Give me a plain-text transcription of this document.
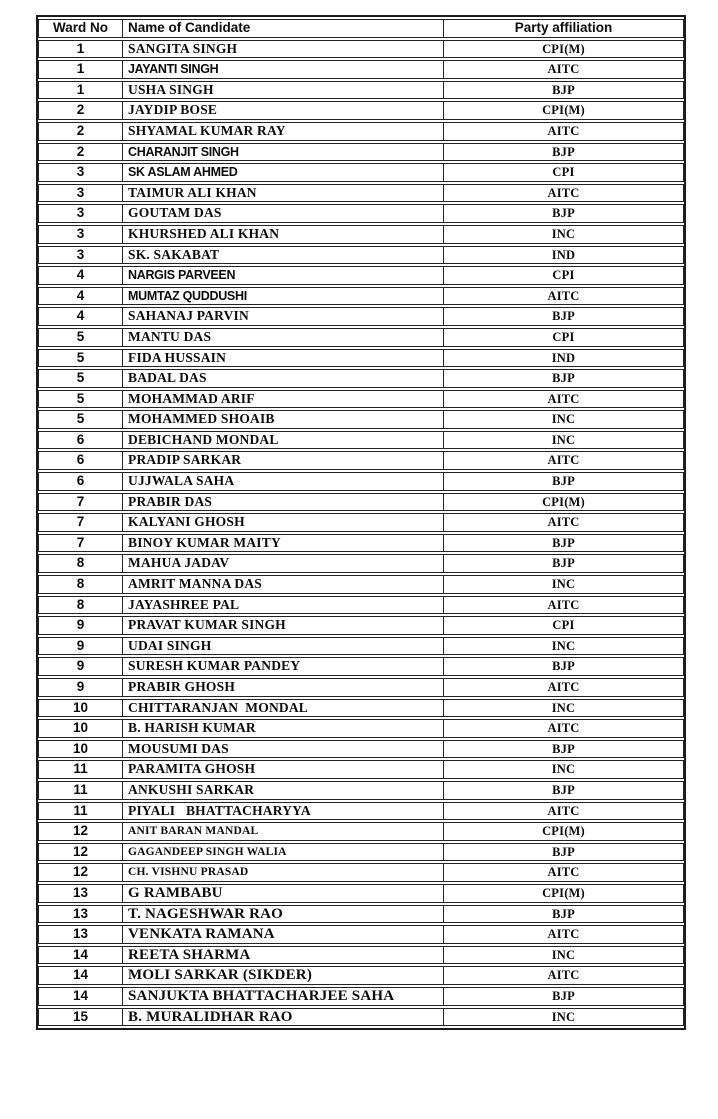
Ward No	Name of Candidate	Party affiliation
1	SANGITA SINGH	CPI(M)
1	JAYANTI SINGH	AITC
1	USHA SINGH	BJP
2	JAYDIP BOSE	CPI(M)
2	SHYAMAL KUMAR RAY	AITC
2	CHARANJIT SINGH	BJP
3	SK ASLAM AHMED	CPI
3	TAIMUR ALI KHAN	AITC
3	GOUTAM DAS	BJP
3	KHURSHED ALI KHAN	INC
3	SK. SAKABAT	IND
4	NARGIS PARVEEN	CPI
4	MUMTAZ QUDDUSHI	AITC
4	SAHANAJ PARVIN	BJP
5	MANTU DAS	CPI
5	FIDA HUSSAIN	IND
5	BADAL DAS	BJP
5	MOHAMMAD ARIF	AITC
5	MOHAMMED SHOAIB	INC
6	DEBICHAND MONDAL	INC
6	PRADIP SARKAR	AITC
6	UJJWALA SAHA	BJP
7	PRABIR DAS	CPI(M)
7	KALYANI GHOSH	AITC
7	BINOY KUMAR MAITY	BJP
8	MAHUA JADAV	BJP
8	AMRIT MANNA DAS	INC
8	JAYASHREE PAL	AITC
9	PRAVAT KUMAR SINGH	CPI
9	UDAI SINGH	INC
9	SURESH KUMAR PANDEY	BJP
9	PRABIR GHOSH	AITC
10	CHITTARANJAN  MONDAL	INC
10	B. HARISH KUMAR	AITC
10	MOUSUMI DAS	BJP
11	PARAMITA GHOSH	INC
11	ANKUSHI SARKAR	BJP
11	PIYALI   BHATTACHARYYA	AITC
12	ANIT BARAN MANDAL	CPI(M)
12	GAGANDEEP SINGH WALIA	BJP
12	CH. VISHNU PRASAD	AITC
13	G RAMBABU	CPI(M)
13	T. NAGESHWAR RAO	BJP
13	VENKATA RAMANA	AITC
14	REETA SHARMA	INC
14	MOLI SARKAR (SIKDER)	AITC
14	SANJUKTA BHATTACHARJEE SAHA	BJP
15	B. MURALIDHAR RAO	INC
